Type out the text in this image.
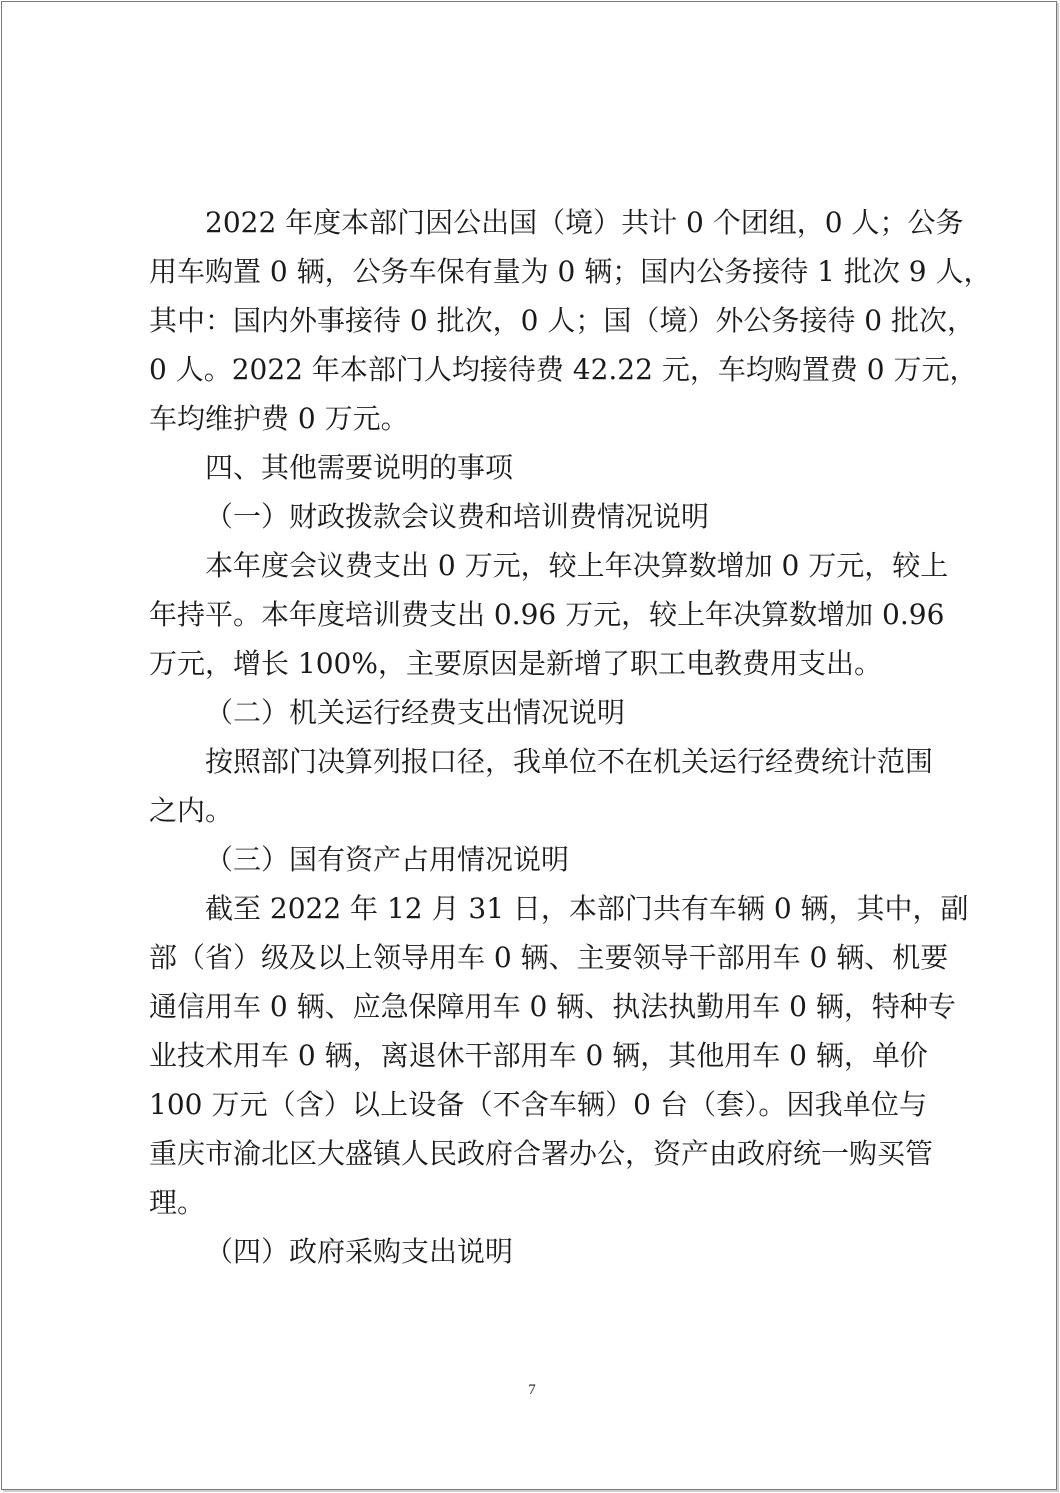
2022 年度本部门因公出国（境）共计 0 个团组，0 人；公务
用车购置 0 辆，公务车保有量为 0 辆；国内公务接待 1 批次 9 人，
其中：国内外事接待 0 批次，0 人；国（境）外公务接待 0 批次，
0 人。2022 年本部门人均接待费 42.22 元，车均购置费 0 万元，
车均维护费 0 万元。
四、其他需要说明的事项
（一）财政拨款会议费和培训费情况说明
本年度会议费支出 0 万元，较上年决算数增加 0 万元，较上
年持平。本年度培训费支出 0.96 万元，较上年决算数增加 0.96
万元，增长 100%，主要原因是新增了职工电教费用支出。
（二）机关运行经费支出情况说明
按照部门决算列报口径，我单位不在机关运行经费统计范围
之内。
（三）国有资产占用情况说明
截至 2022 年 12 月 31 日，本部门共有车辆 0 辆，其中，副
部（省）级及以上领导用车 0 辆、主要领导干部用车 0 辆、机要
通信用车 0 辆、应急保障用车 0 辆、执法执勤用车 0 辆，特种专
业技术用车 0 辆，离退休干部用车 0 辆，其他用车 0 辆，单价
100 万元（含）以上设备（不含车辆）0 台（套）。因我单位与
重庆市渝北区大盛镇人民政府合署办公，资产由政府统一购买管
理。
（四）政府采购支出说明
7
